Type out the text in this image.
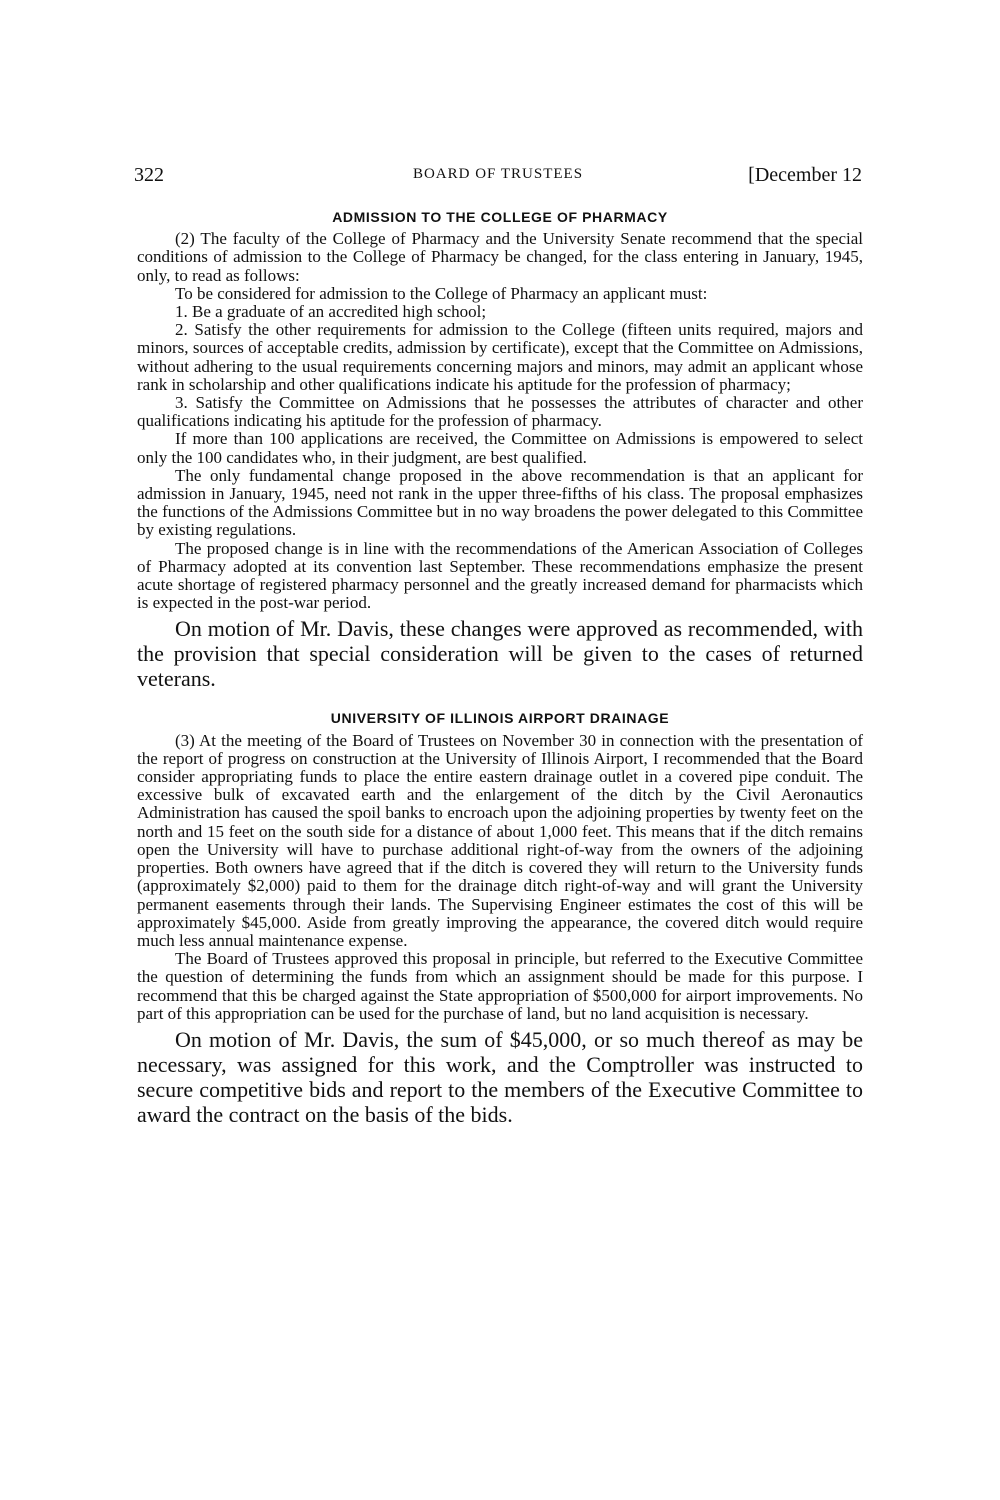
322	BOARD OF TRUSTEES	[December 12
ADMISSION TO THE COLLEGE OF PHARMACY

(2) The faculty of the College of Pharmacy and the University Senate recommend that the special conditions of admission to the College of Pharmacy be changed, for the class entering in January, 1945, only, to read as follows:

To be considered for admission to the College of Pharmacy an applicant must:

1. Be a graduate of an accredited high school;

2. Satisfy the other requirements for admission to the College (fifteen units required, majors and minors, sources of acceptable credits, admission by certificate), except that the Committee on Admissions, without adhering to the usual requirements concerning majors and minors, may admit an applicant whose rank in scholarship and other qualifications indicate his aptitude for the profession of pharmacy;

3. Satisfy the Committee on Admissions that he possesses the attributes of character and other qualifications indicating his aptitude for the profession of pharmacy.

If more than 100 applications are received, the Committee on Admissions is empowered to select only the 100 candidates who, in their judgment, are best qualified.

The only fundamental change proposed in the above recommendation is that an applicant for admission in January, 1945, need not rank in the upper three-fifths of his class. The proposal emphasizes the functions of the Admissions Committee but in no way broadens the power delegated to this Committee by existing regulations.

The proposed change is in line with the recommendations of the American Association of Colleges of Pharmacy adopted at its convention last September. These recommendations emphasize the present acute shortage of registered pharmacy personnel and the greatly increased demand for pharmacists which is expected in the post-war period.

On motion of Mr. Davis, these changes were approved as recommended, with the provision that special consideration will be given to the cases of returned veterans.

UNIVERSITY OF ILLINOIS AIRPORT DRAINAGE

(3) At the meeting of the Board of Trustees on November 30 in connection with the presentation of the report of progress on construction at the University of Illinois Airport, I recommended that the Board consider appropriating funds to place the entire eastern drainage outlet in a covered pipe conduit. The excessive bulk of excavated earth and the enlargement of the ditch by the Civil Aeronautics Administration has caused the spoil banks to encroach upon the adjoining properties by twenty feet on the north and 15 feet on the south side for a distance of about 1,000 feet. This means that if the ditch remains open the University will have to purchase additional right-of-way from the owners of the adjoining properties. Both owners have agreed that if the ditch is covered they will return to the University funds (approximately $2,000) paid to them for the drainage ditch right-of-way and will grant the University permanent easements through their lands. The Supervising Engineer estimates the cost of this will be approximately $45,000. Aside from greatly improving the appearance, the covered ditch would require much less annual maintenance expense.

The Board of Trustees approved this proposal in principle, but referred to the Executive Committee the question of determining the funds from which an assignment should be made for this purpose. I recommend that this be charged against the State appropriation of $500,000 for airport improvements. No part of this appropriation can be used for the purchase of land, but no land acquisition is necessary.

On motion of Mr. Davis, the sum of $45,000, or so much thereof as may be necessary, was assigned for this work, and the Comptroller was instructed to secure competitive bids and report to the members of the Executive Committee to award the contract on the basis of the bids.
